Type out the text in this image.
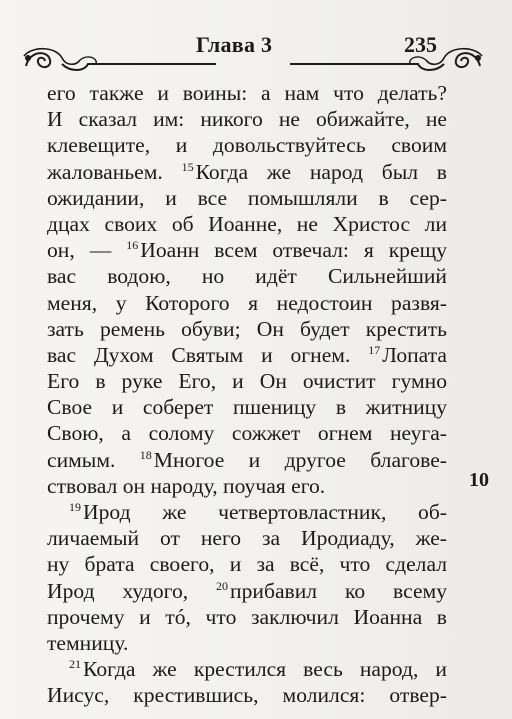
Глава 3	235
его также и воины: а нам что делать?
И сказал им: никого не обижайте, не
клевещите, и довольствуйтесь своим
жалованьем. $^{15}$Когда же народ был в
ожидании, и все помышляли в сер-
дцах своих об Иоанне, не Христос ли
он, — $^{16}$Иоанн всем отвечал: я крещу
вас водою, но идёт Сильнейший
меня, у Которого я недостоин развя-
зать ремень обуви; Он будет крестить
вас Духом Святым и огнем. $^{17}$Лопата
Его в руке Его, и Он очистит гумно
Свое и соберет пшеницу в житницу
Свою, а солому сожжет огнем неуга-
симым. $^{18}$Многое и другое благове-
ствовал он народу, поучая его.
$^{19}$Ирод же четвертовластник, об-
личаемый от него за Иродиаду, же-
ну брата своего, и за всё, что сделал
Ирод худого, $^{20}$прибавил ко всему
прочему и тó, что заключил Иоанна в
темницу.
$^{21}$Когда же крестился весь народ, и
Иисус, крестившись, молился: отвер-
10
